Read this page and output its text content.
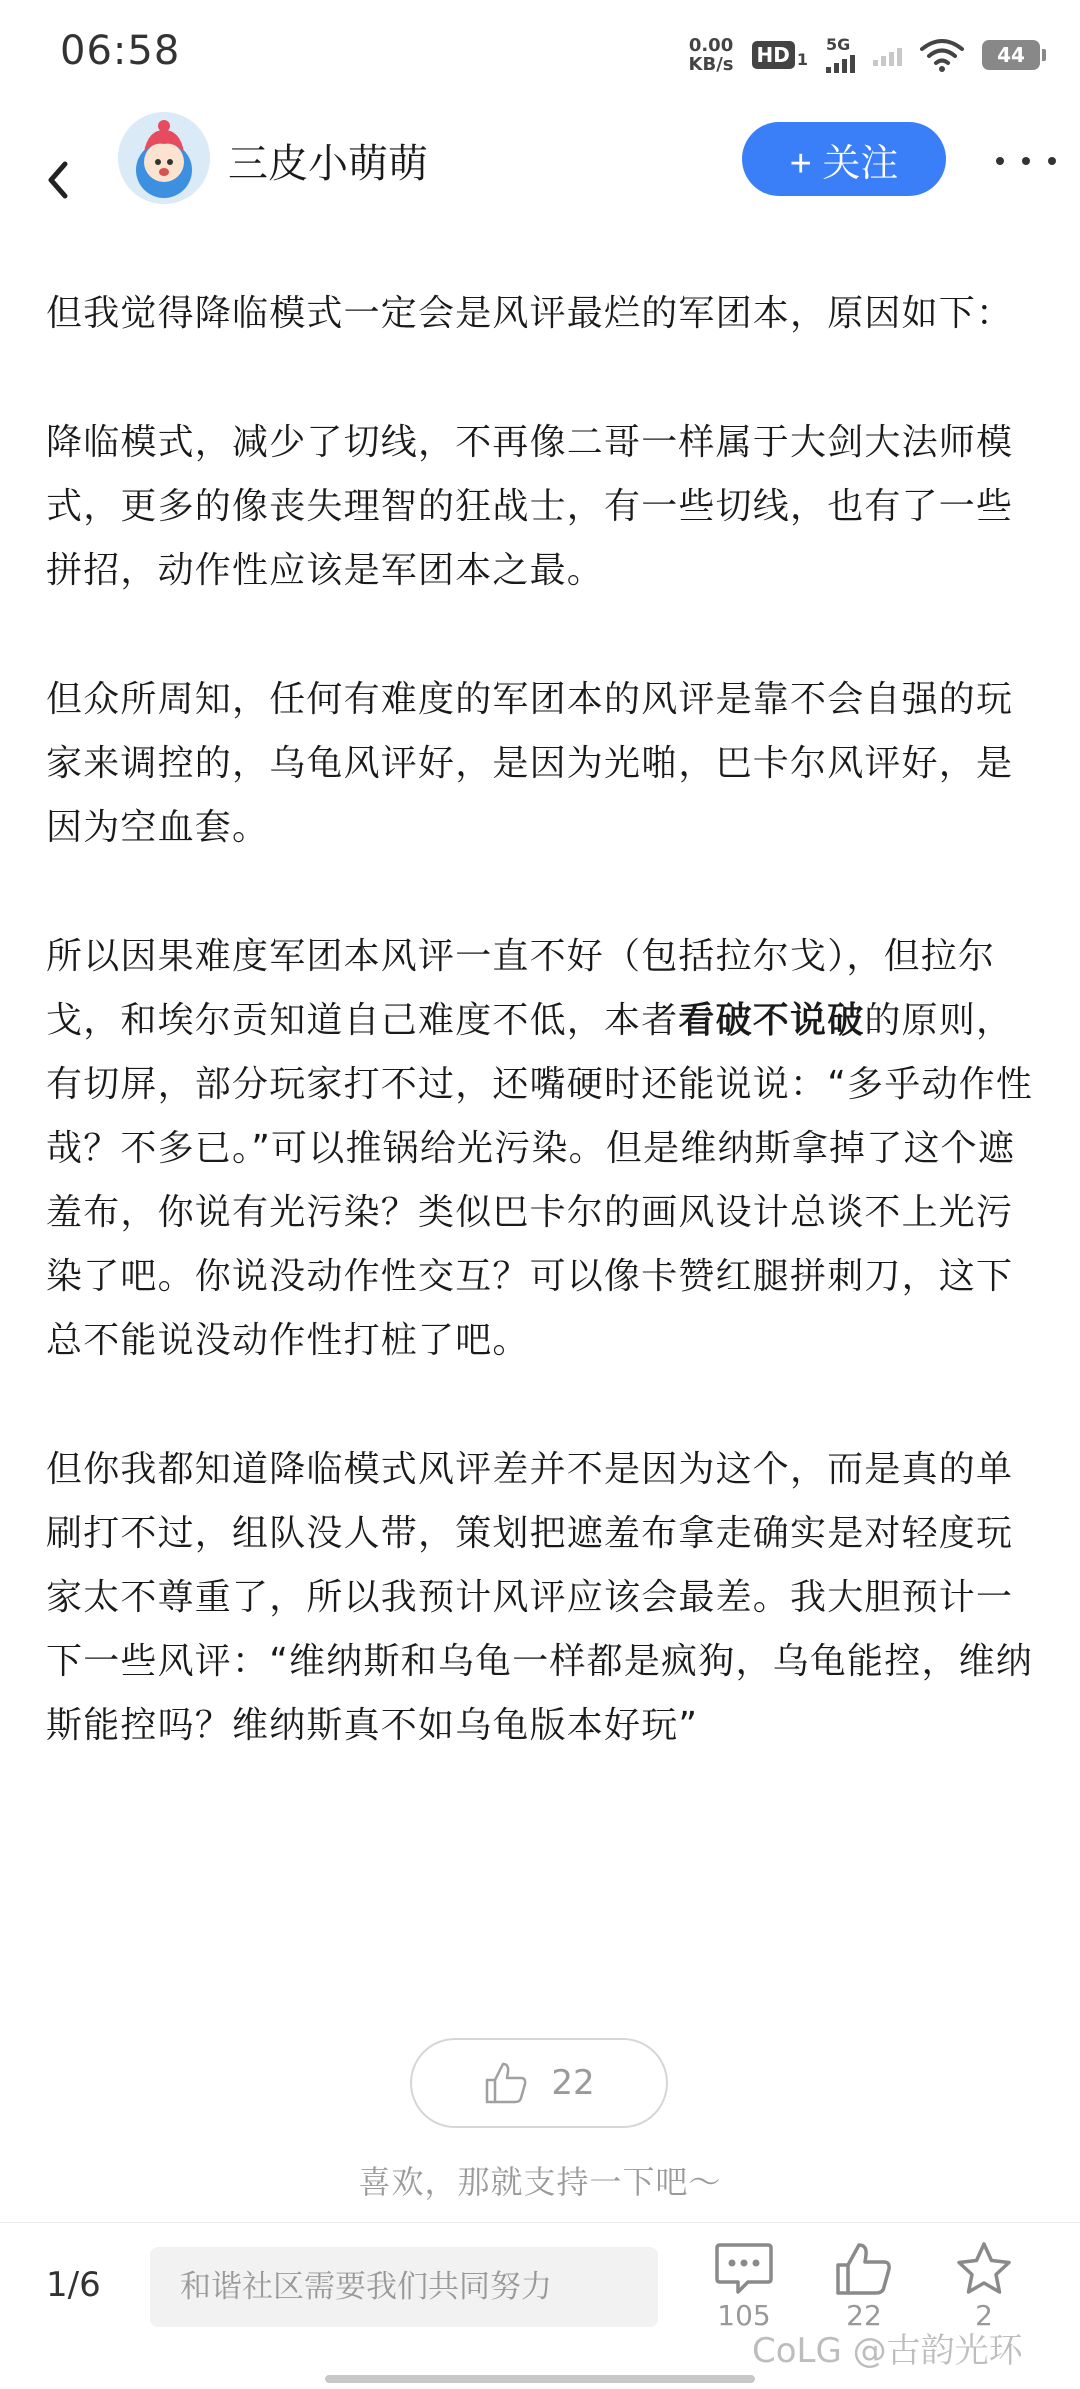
06:58	0.00
KB/s HD 1
5G	44
三皮小萌萌	+ 关注

但我觉得降临模式一定会是风评最烂的军团本，原因如下：

降临模式，减少了切线，不再像二哥一样属于大剑大法师模式，更多的像丧失理智的狂战士，有一些切线，也有了一些拼招，动作性应该是军团本之最。

但众所周知，任何有难度的军团本的风评是靠不会自强的玩家来调控的，乌龟风评好，是因为光啪，巴卡尔风评好，是因为空血套。

所以因果难度军团本风评一直不好（包括拉尔戈），但拉尔戈，和埃尔贡知道自己难度不低，本者看破不说破的原则，有切屏，部分玩家打不过，还嘴硬时还能说说：“多乎动作性哉？不多已。”可以推锅给光污染。但是维纳斯拿掉了这个遮羞布，你说有光污染？类似巴卡尔的画风设计总谈不上光污染了吧。你说没动作性交互？可以像卡赞红腿拼刺刀，这下总不能说没动作性打桩了吧。

但你我都知道降临模式风评差并不是因为这个，而是真的单刷打不过，组队没人带，策划把遮羞布拿走确实是对轻度玩家太不尊重了，所以我预计风评应该会最差。我大胆预计一下一些风评：“维纳斯和乌龟一样都是疯狗，乌龟能控，维纳斯能控吗？维纳斯真不如乌龟版本好玩”

22
喜欢，那就支持一下吧～
1/6	和谐社区需要我们共同努力
105	22	2
CoLG @古韵光环
